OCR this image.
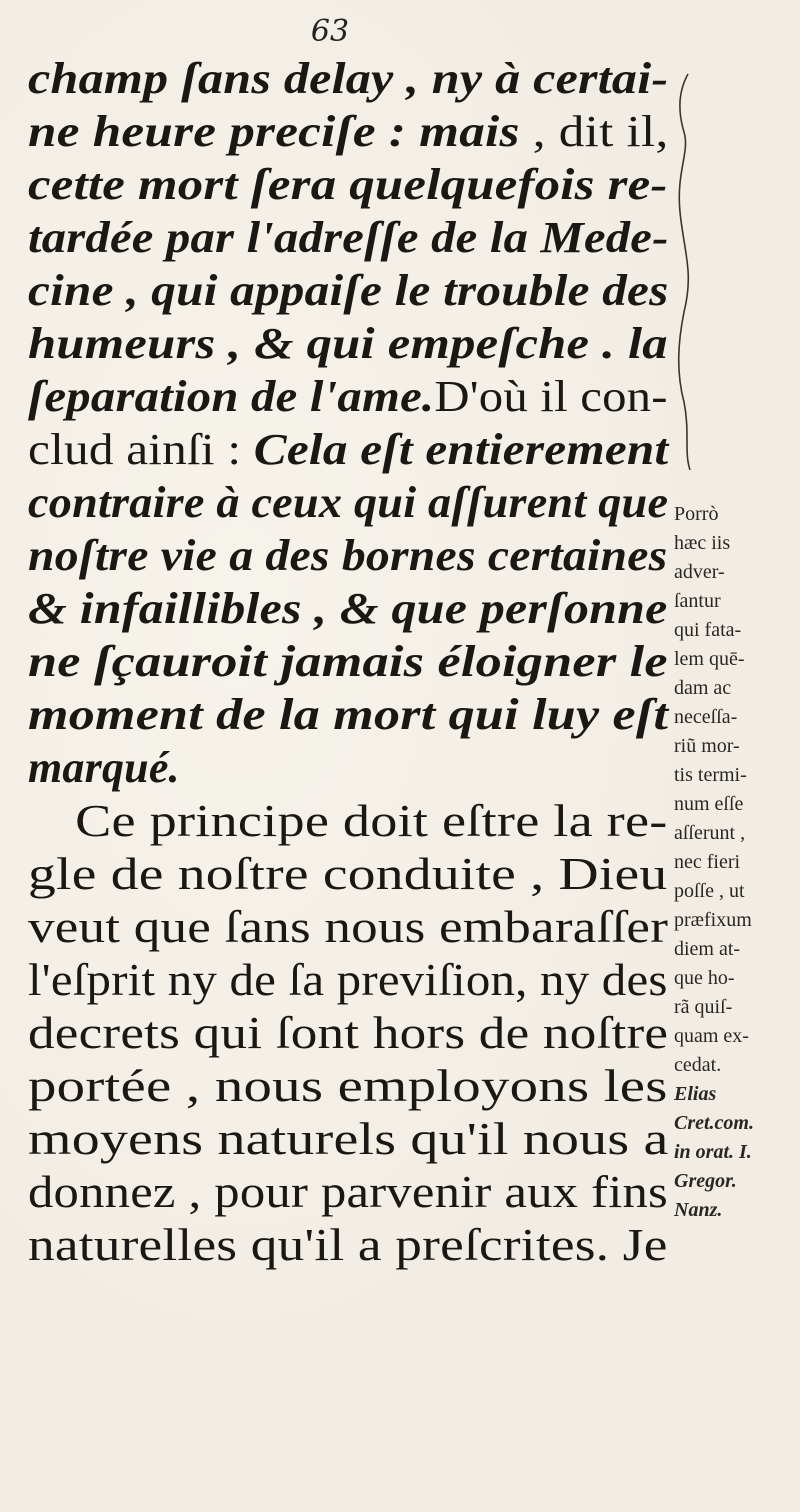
63
champ ſans delay , ny à certai-
ne heure preciſe : mais , dit il,
cette mort ſera quelquefois re-
tardée par l'adreſſe de la Mede-
cine , qui appaiſe le trouble des
humeurs , & qui empeſche . la
ſeparation de l'ame.D'où il con-
clud ainſi : Cela eſt entierement
contraire à ceux qui aſſurent que
noſtre vie a des bornes certaines
& infaillibles , & que perſonne
ne ſçauroit jamais éloigner le
moment de la mort qui luy eſt
marqué.
Ce principe doit eſtre la re-
gle de noſtre conduite , Dieu
veut que ſans nous embaraſſer
l'eſprit ny de ſa previſion, ny des
decrets qui ſont hors de noſtre
portée , nous employons les
moyens naturels qu'il nous a
donnez , pour parvenir aux fins
naturelles qu'il a preſcrites. Je
Porrò
hæc iis
adver-
ſantur
qui fata-
lem quē-
dam ac
neceſſa-
riũ mor-
tis termi-
num eſſe
aſſerunt ,
nec fieri
poſſe , ut
præfixum
diem at-
que ho-
rã quiſ-
quam ex-
cedat.
Elias
Cret.com.
in orat. I.
Gregor.
Nanz.
